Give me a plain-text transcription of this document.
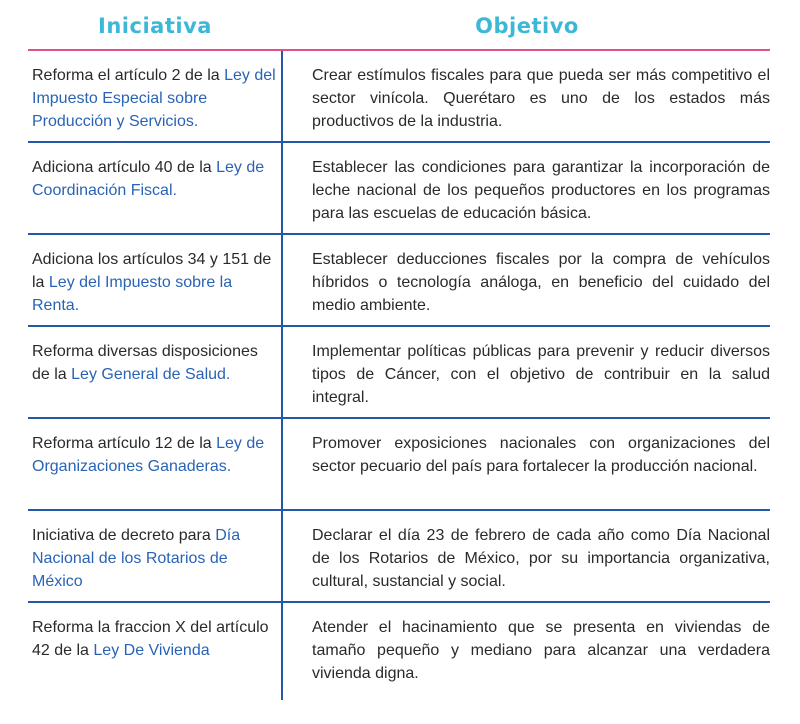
Iniciativa	Objetivo
Reforma el artículo 2 de la Ley del Impuesto Especial sobre Producción y Servicios.
Crear estímulos fiscales para que pueda ser más competitivo el sector vinícola. Querétaro es uno de los estados más productivos de la industria.
Adiciona artículo 40 de la Ley de Coordinación Fiscal.
Establecer las condiciones para garantizar la incorporación de leche nacional de los pequeños productores en los programas para las escuelas de educación básica.
Adiciona los artículos 34 y 151 de la Ley del Impuesto sobre la Renta.
Establecer deducciones fiscales por la compra de vehículos híbridos o tecnología análoga, en beneficio del cuidado del medio ambiente.
Reforma diversas disposiciones de la Ley General de Salud.
Implementar políticas públicas para prevenir y reducir diversos tipos de Cáncer, con el objetivo de contribuir en la salud integral.
Reforma artículo 12 de la Ley de Organizaciones Ganaderas.
Promover exposiciones nacionales con organizaciones del sector pecuario del país para fortalecer la producción nacional.
Iniciativa de decreto para Día Nacional de los Rotarios de México
Declarar el día 23 de febrero de cada año como Día Nacional de los Rotarios de México, por su importancia organizativa, cultural, sustancial y social.
Reforma la fraccion X del artículo 42 de la Ley De Vivienda
Atender el hacinamiento que se presenta en viviendas de tamaño pequeño y mediano para alcanzar una verdadera vivienda digna.
